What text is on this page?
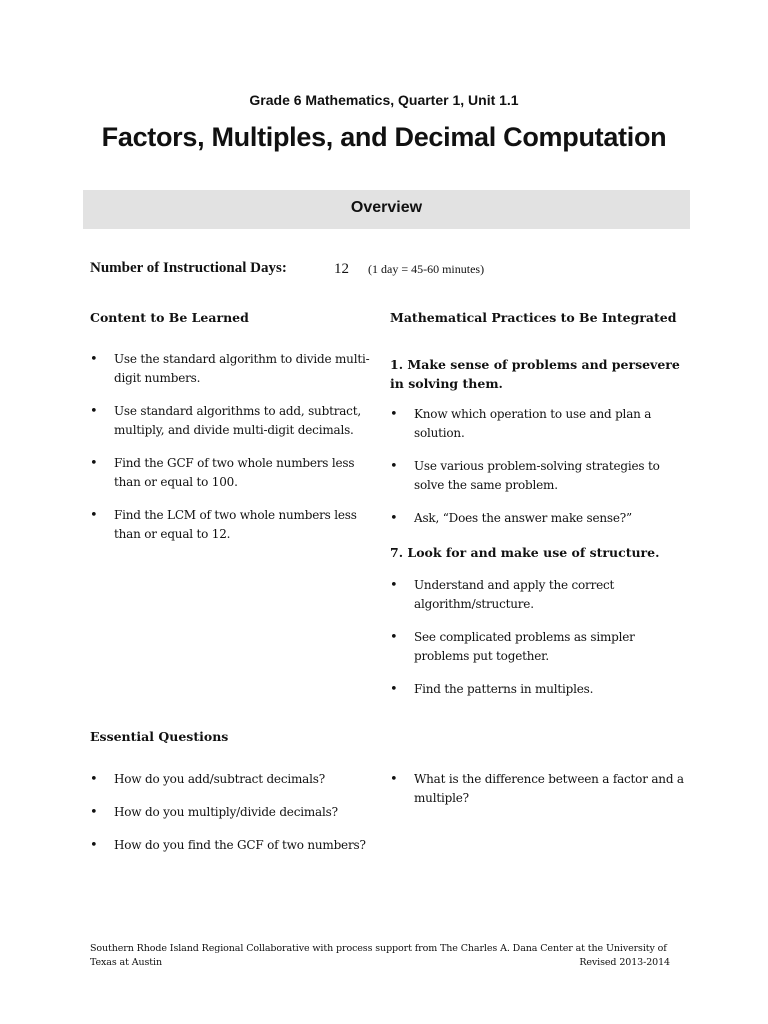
Grade 6 Mathematics, Quarter 1, Unit 1.1
Factors, Multiples, and Decimal Computation
Overview
Number of Instructional Days:	12 (1 day = 45-60 minutes)
Content to Be Learned	Mathematical Practices to Be Integrated
• Use the standard algorithm to divide multi-digit numbers.
• Use standard algorithms to add, subtract, multiply, and divide multi-digit decimals.
• Find the GCF of two whole numbers less than or equal to 100.
• Find the LCM of two whole numbers less than or equal to 12.
1. Make sense of problems and persevere in solving them.
• Know which operation to use and plan a solution.
• Use various problem-solving strategies to solve the same problem.
• Ask, “Does the answer make sense?”
7. Look for and make use of structure.
• Understand and apply the correct algorithm/structure.
• See complicated problems as simpler problems put together.
• Find the patterns in multiples.
Essential Questions
• How do you add/subtract decimals?
• How do you multiply/divide decimals?
• How do you find the GCF of two numbers?
• What is the difference between a factor and a multiple?
Southern Rhode Island Regional Collaborative with process support from The Charles A. Dana Center at the University of
Texas at Austin	Revised 2013-2014
